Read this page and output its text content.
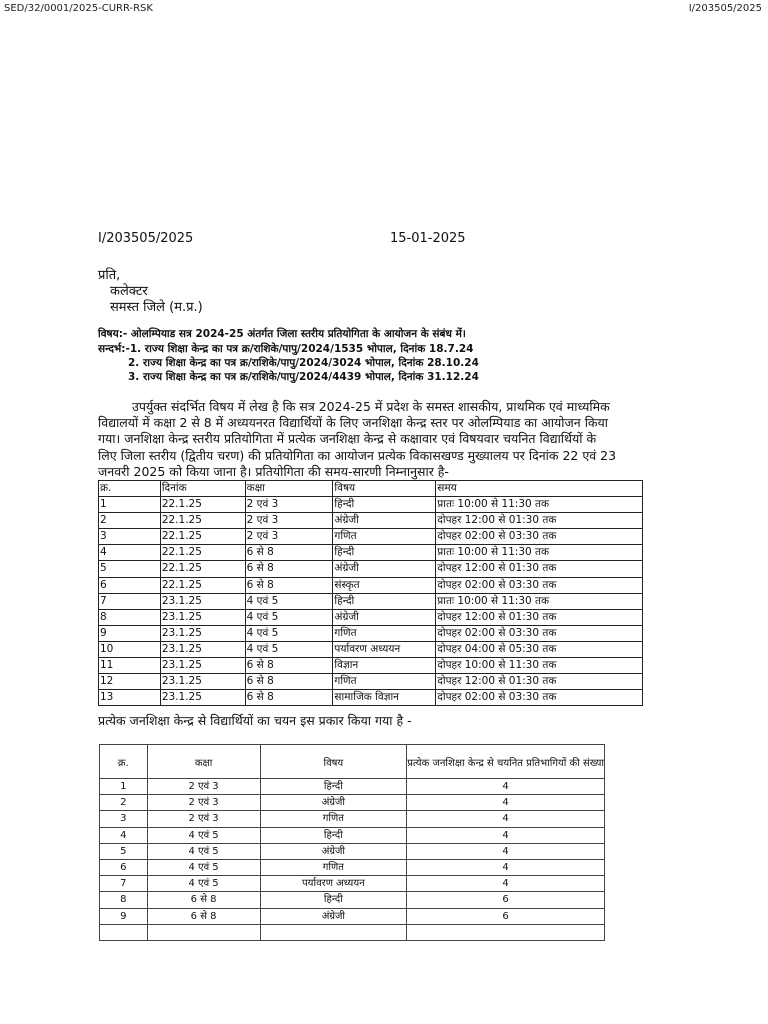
SED/32/0001/2025-CURR-RSK	I/203505/2025
I/203505/2025	15-01-2025
प्रति,
कलेक्टर
समस्त जिले (म.प्र.)
विषय:- ओलम्पियाड सत्र 2024-25 अंतर्गत जिला स्तरीय प्रतियोगिता के आयोजन के संबंध में।
सन्दर्भ:-1. राज्य शिक्षा केन्द्र का पत्र क्र/राशिके/पापु/2024/1535 भोपाल, दिनांक 18.7.24
2. राज्य शिक्षा केन्द्र का पत्र क्र/राशिके/पापु/2024/3024 भोपाल, दिनांक 28.10.24
3. राज्य शिक्षा केन्द्र का पत्र क्र/राशिके/पापु/2024/4439 भोपाल, दिनांक 31.12.24
उपर्युक्त संदर्भित विषय में लेख है कि सत्र 2024-25 में प्रदेश के समस्त शासकीय, प्राथमिक एवं माध्यमिक विद्यालयों में कक्षा 2 से 8 में अध्ययनरत विद्यार्थियों के लिए जनशिक्षा केन्द्र स्तर पर ओलम्पियाड का आयोजन किया गया। जनशिक्षा केन्द्र स्तरीय प्रतियोगिता में प्रत्येक जनशिक्षा केन्द्र से कक्षावार एवं विषयवार चयनित विद्यार्थियों के लिए जिला स्तरीय (द्वितीय चरण) की प्रतियोगिता का आयोजन प्रत्येक विकासखण्ड मुख्यालय पर दिनांक 22 एवं 23 जनवरी 2025 को किया जाना है। प्रतियोगिता की समय-सारणी निम्नानुसार है-
क्र.	दिनांक	कक्षा	विषय	समय
1	22.1.25	2 एवं 3	हिन्दी	प्रातः 10:00 से 11:30 तक
2	22.1.25	2 एवं 3	अंग्रेजी	दोपहर 12:00 से 01:30 तक
3	22.1.25	2 एवं 3	गणित	दोपहर 02:00 से 03:30 तक
4	22.1.25	6 से 8	हिन्दी	प्रातः 10:00 से 11:30 तक
5	22.1.25	6 से 8	अंग्रेजी	दोपहर 12:00 से 01:30 तक
6	22.1.25	6 से 8	संस्कृत	दोपहर 02:00 से 03:30 तक
7	23.1.25	4 एवं 5	हिन्दी	प्रातः 10:00 से 11:30 तक
8	23.1.25	4 एवं 5	अंग्रेजी	दोपहर 12:00 से 01:30 तक
9	23.1.25	4 एवं 5	गणित	दोपहर 02:00 से 03:30 तक
10	23.1.25	4 एवं 5	पर्यावरण अध्ययन	दोपहर 04:00 से 05:30 तक
11	23.1.25	6 से 8	विज्ञान	दोपहर 10:00 से 11:30 तक
12	23.1.25	6 से 8	गणित	दोपहर 12:00 से 01:30 तक
13	23.1.25	6 से 8	सामाजिक विज्ञान	दोपहर 02:00 से 03:30 तक
प्रत्येक जनशिक्षा केन्द्र से विद्यार्थियों का चयन इस प्रकार किया गया है -
क्र.	कक्षा	विषय	प्रत्येक जनशिक्षा केन्द्र से चयनित प्रतिभागियों की संख्या
1	2 एवं 3	हिन्दी	4
2	2 एवं 3	अंग्रेजी	4
3	2 एवं 3	गणित	4
4	4 एवं 5	हिन्दी	4
5	4 एवं 5	अंग्रेजी	4
6	4 एवं 5	गणित	4
7	4 एवं 5	पर्यावरण अध्ययन	4
8	6 से 8	हिन्दी	6
9	6 से 8	अंग्रेजी	6
